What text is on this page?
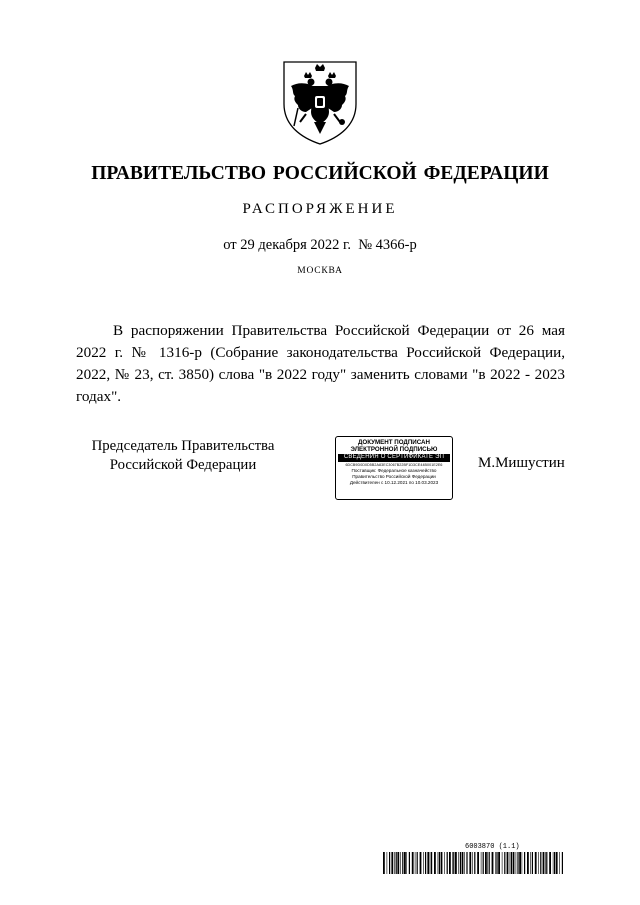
ПРАВИТЕЛЬСТВО РОССИЙСКОЙ ФЕДЕРАЦИИ
РАСПОРЯЖЕНИЕ
от 29 декабря 2022 г.  № 4366-р
МОСКВА

В распоряжении Правительства Российской Федерации от 26 мая 2022 г. № 1316-р (Собрание законодательства Российской Федерации, 2022, № 23, ст. 3850) слова "в 2022 году" заменить словами "в 2022 - 2023 годах".

Председатель Правительства
Российской Федерации
ДОКУМЕНТ ПОДПИСАН
ЭЛЕКТРОННОЙ ПОДПИСЬЮ
СВЕДЕНИЯ О СЕРТИФИКАТЕ ЭП
6DCB9D0D0D5B2A83EC3067B22BF1D3CE44B001E2E6
Поставщик: Федеральное казначейство
Правительство Российской Федерации
Действителен с 10.12.2021 по 10.03.2023
М.Мишустин
6003870 (1.1)
